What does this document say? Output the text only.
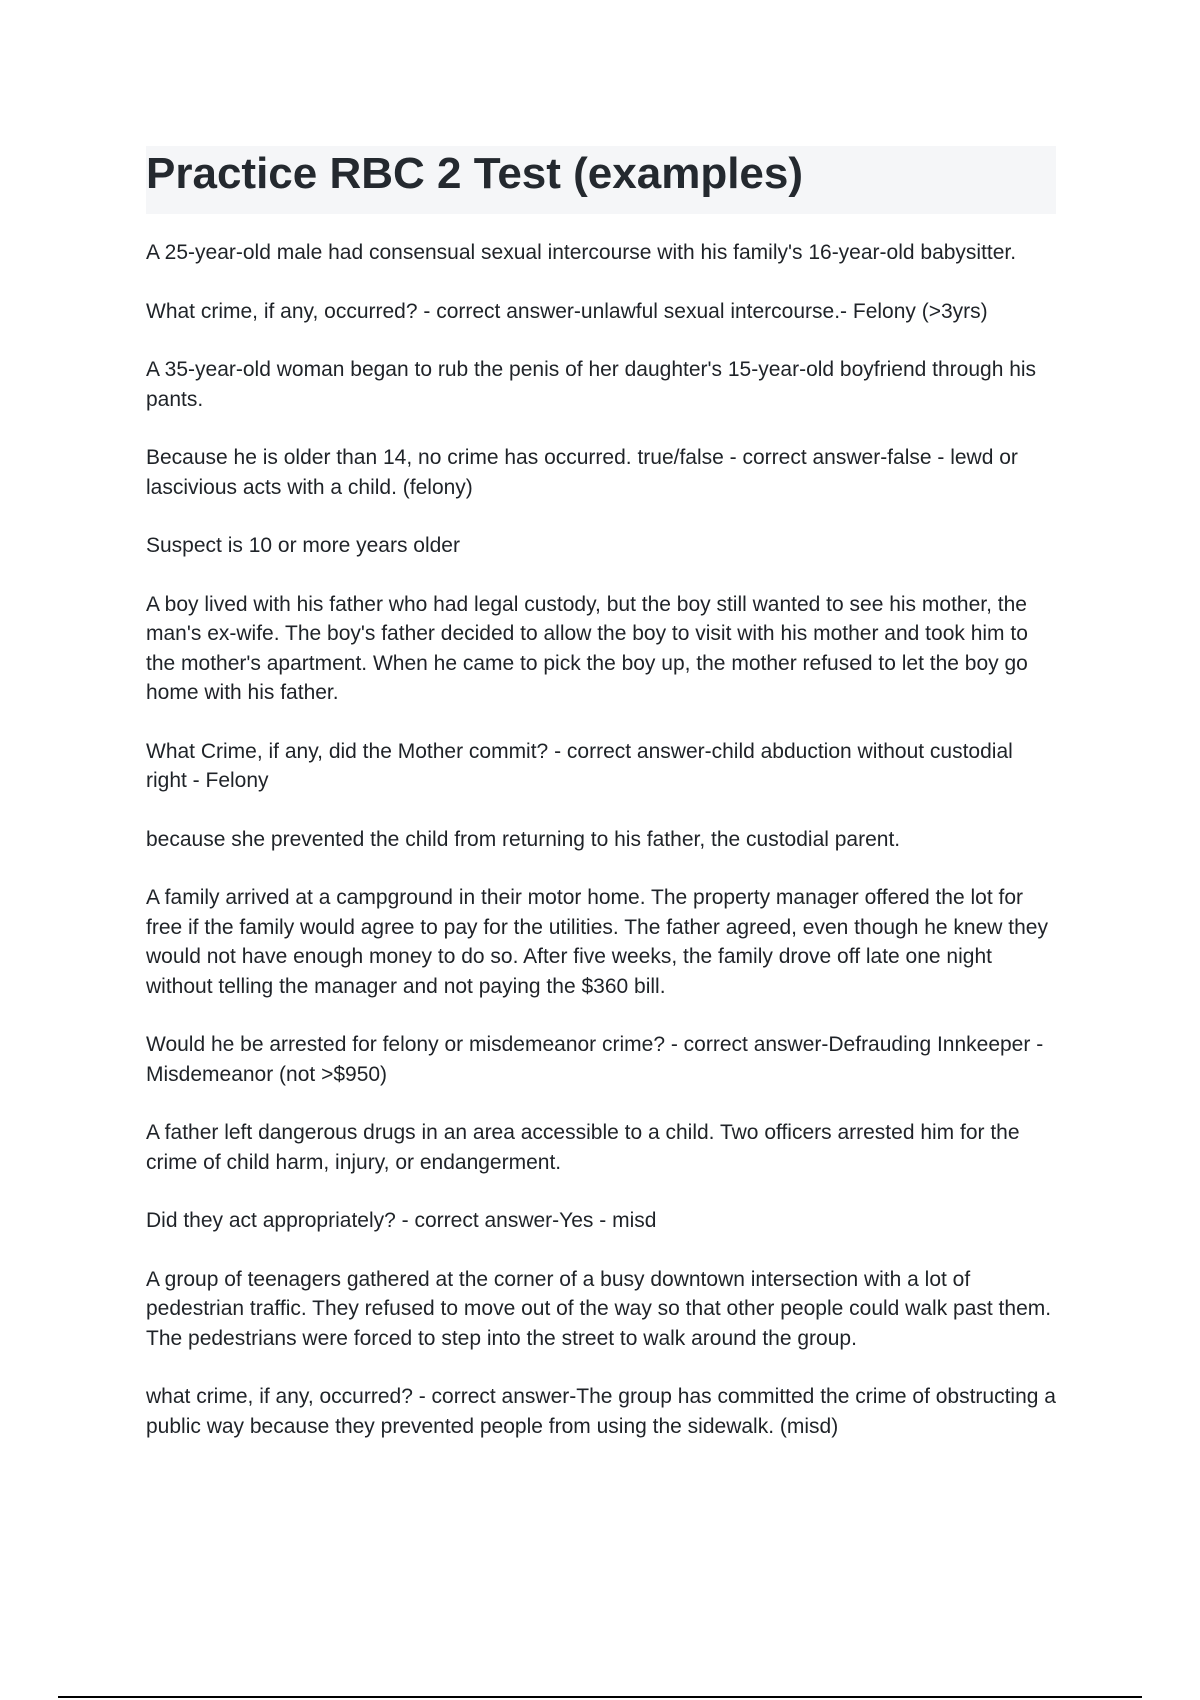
Practice RBC 2 Test (examples)

A 25-year-old male had consensual sexual intercourse with his family's 16-year-old babysitter.

What crime, if any, occurred? - correct answer-unlawful sexual intercourse.- Felony (>3yrs)

A 35-year-old woman began to rub the penis of her daughter's 15-year-old boyfriend through his pants.

Because he is older than 14, no crime has occurred. true/false - correct answer-false - lewd or lascivious acts with a child. (felony)

Suspect is 10 or more years older

A boy lived with his father who had legal custody, but the boy still wanted to see his mother, the man's ex-wife. The boy's father decided to allow the boy to visit with his mother and took him to the mother's apartment. When he came to pick the boy up, the mother refused to let the boy go home with his father.

What Crime, if any, did the Mother commit? - correct answer-child abduction without custodial right - Felony

because she prevented the child from returning to his father, the custodial parent.

A family arrived at a campground in their motor home. The property manager offered the lot for free if the family would agree to pay for the utilities. The father agreed, even though he knew they would not have enough money to do so. After five weeks, the family drove off late one night without telling the manager and not paying the $360 bill.

Would he be arrested for felony or misdemeanor crime? - correct answer-Defrauding Innkeeper - Misdemeanor (not >$950)

A father left dangerous drugs in an area accessible to a child. Two officers arrested him for the crime of child harm, injury, or endangerment.

Did they act appropriately? - correct answer-Yes - misd

A group of teenagers gathered at the corner of a busy downtown intersection with a lot of pedestrian traffic. They refused to move out of the way so that other people could walk past them. The pedestrians were forced to step into the street to walk around the group.

what crime, if any, occurred? - correct answer-The group has committed the crime of obstructing a public way because they prevented people from using the sidewalk. (misd)
